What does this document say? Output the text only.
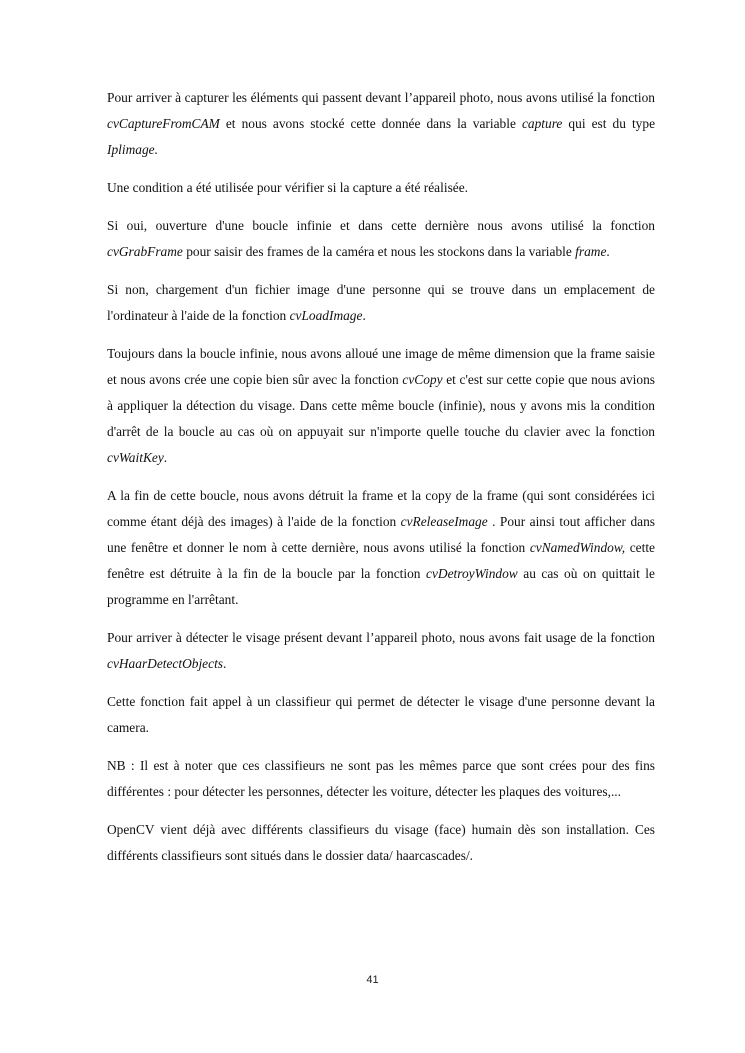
Pour arriver à capturer les éléments qui passent devant l’appareil photo, nous avons utilisé la fonction cvCaptureFromCAM et nous avons stocké cette donnée dans la variable capture qui est du type Iplimage.

Une condition a été utilisée pour vérifier si la capture a été réalisée.

Si oui, ouverture d'une boucle infinie et dans cette dernière nous avons utilisé la fonction cvGrabFrame pour saisir des frames de la caméra et nous les stockons dans la variable frame.

Si non, chargement d'un fichier image d'une personne qui se trouve dans un emplacement de l'ordinateur à l'aide de la fonction cvLoadImage.

Toujours dans la boucle infinie, nous avons alloué une image de même dimension que la frame saisie et nous avons crée une copie bien sûr avec la fonction cvCopy et c'est sur cette copie que nous avions à appliquer la détection du visage. Dans cette même boucle (infinie), nous y avons mis la condition d'arrêt de la boucle au cas où on appuyait sur n'importe quelle touche du clavier avec la fonction cvWaitKey.

A la fin de cette boucle, nous avons détruit la frame et la copy de la frame (qui sont considérées ici comme étant déjà des images) à l'aide de la fonction cvReleaseImage . Pour ainsi tout afficher dans une fenêtre et donner le nom à cette dernière, nous avons utilisé la fonction cvNamedWindow, cette fenêtre est détruite à la fin de la boucle par la fonction cvDetroyWindow au cas où on quittait le programme en l'arrêtant.

Pour arriver à détecter le visage présent devant l’appareil photo, nous avons fait usage de la fonction cvHaarDetectObjects.

Cette fonction fait appel à un classifieur qui permet de détecter le visage d'une personne devant la camera.

NB : Il est à noter que ces classifieurs ne sont pas les mêmes parce que sont crées pour des fins différentes : pour détecter les personnes, détecter les voiture, détecter les plaques des voitures,...

OpenCV vient déjà avec différents classifieurs du visage (face) humain dès son installation. Ces différents classifieurs sont situés dans le dossier data/ haarcascades/.

41
